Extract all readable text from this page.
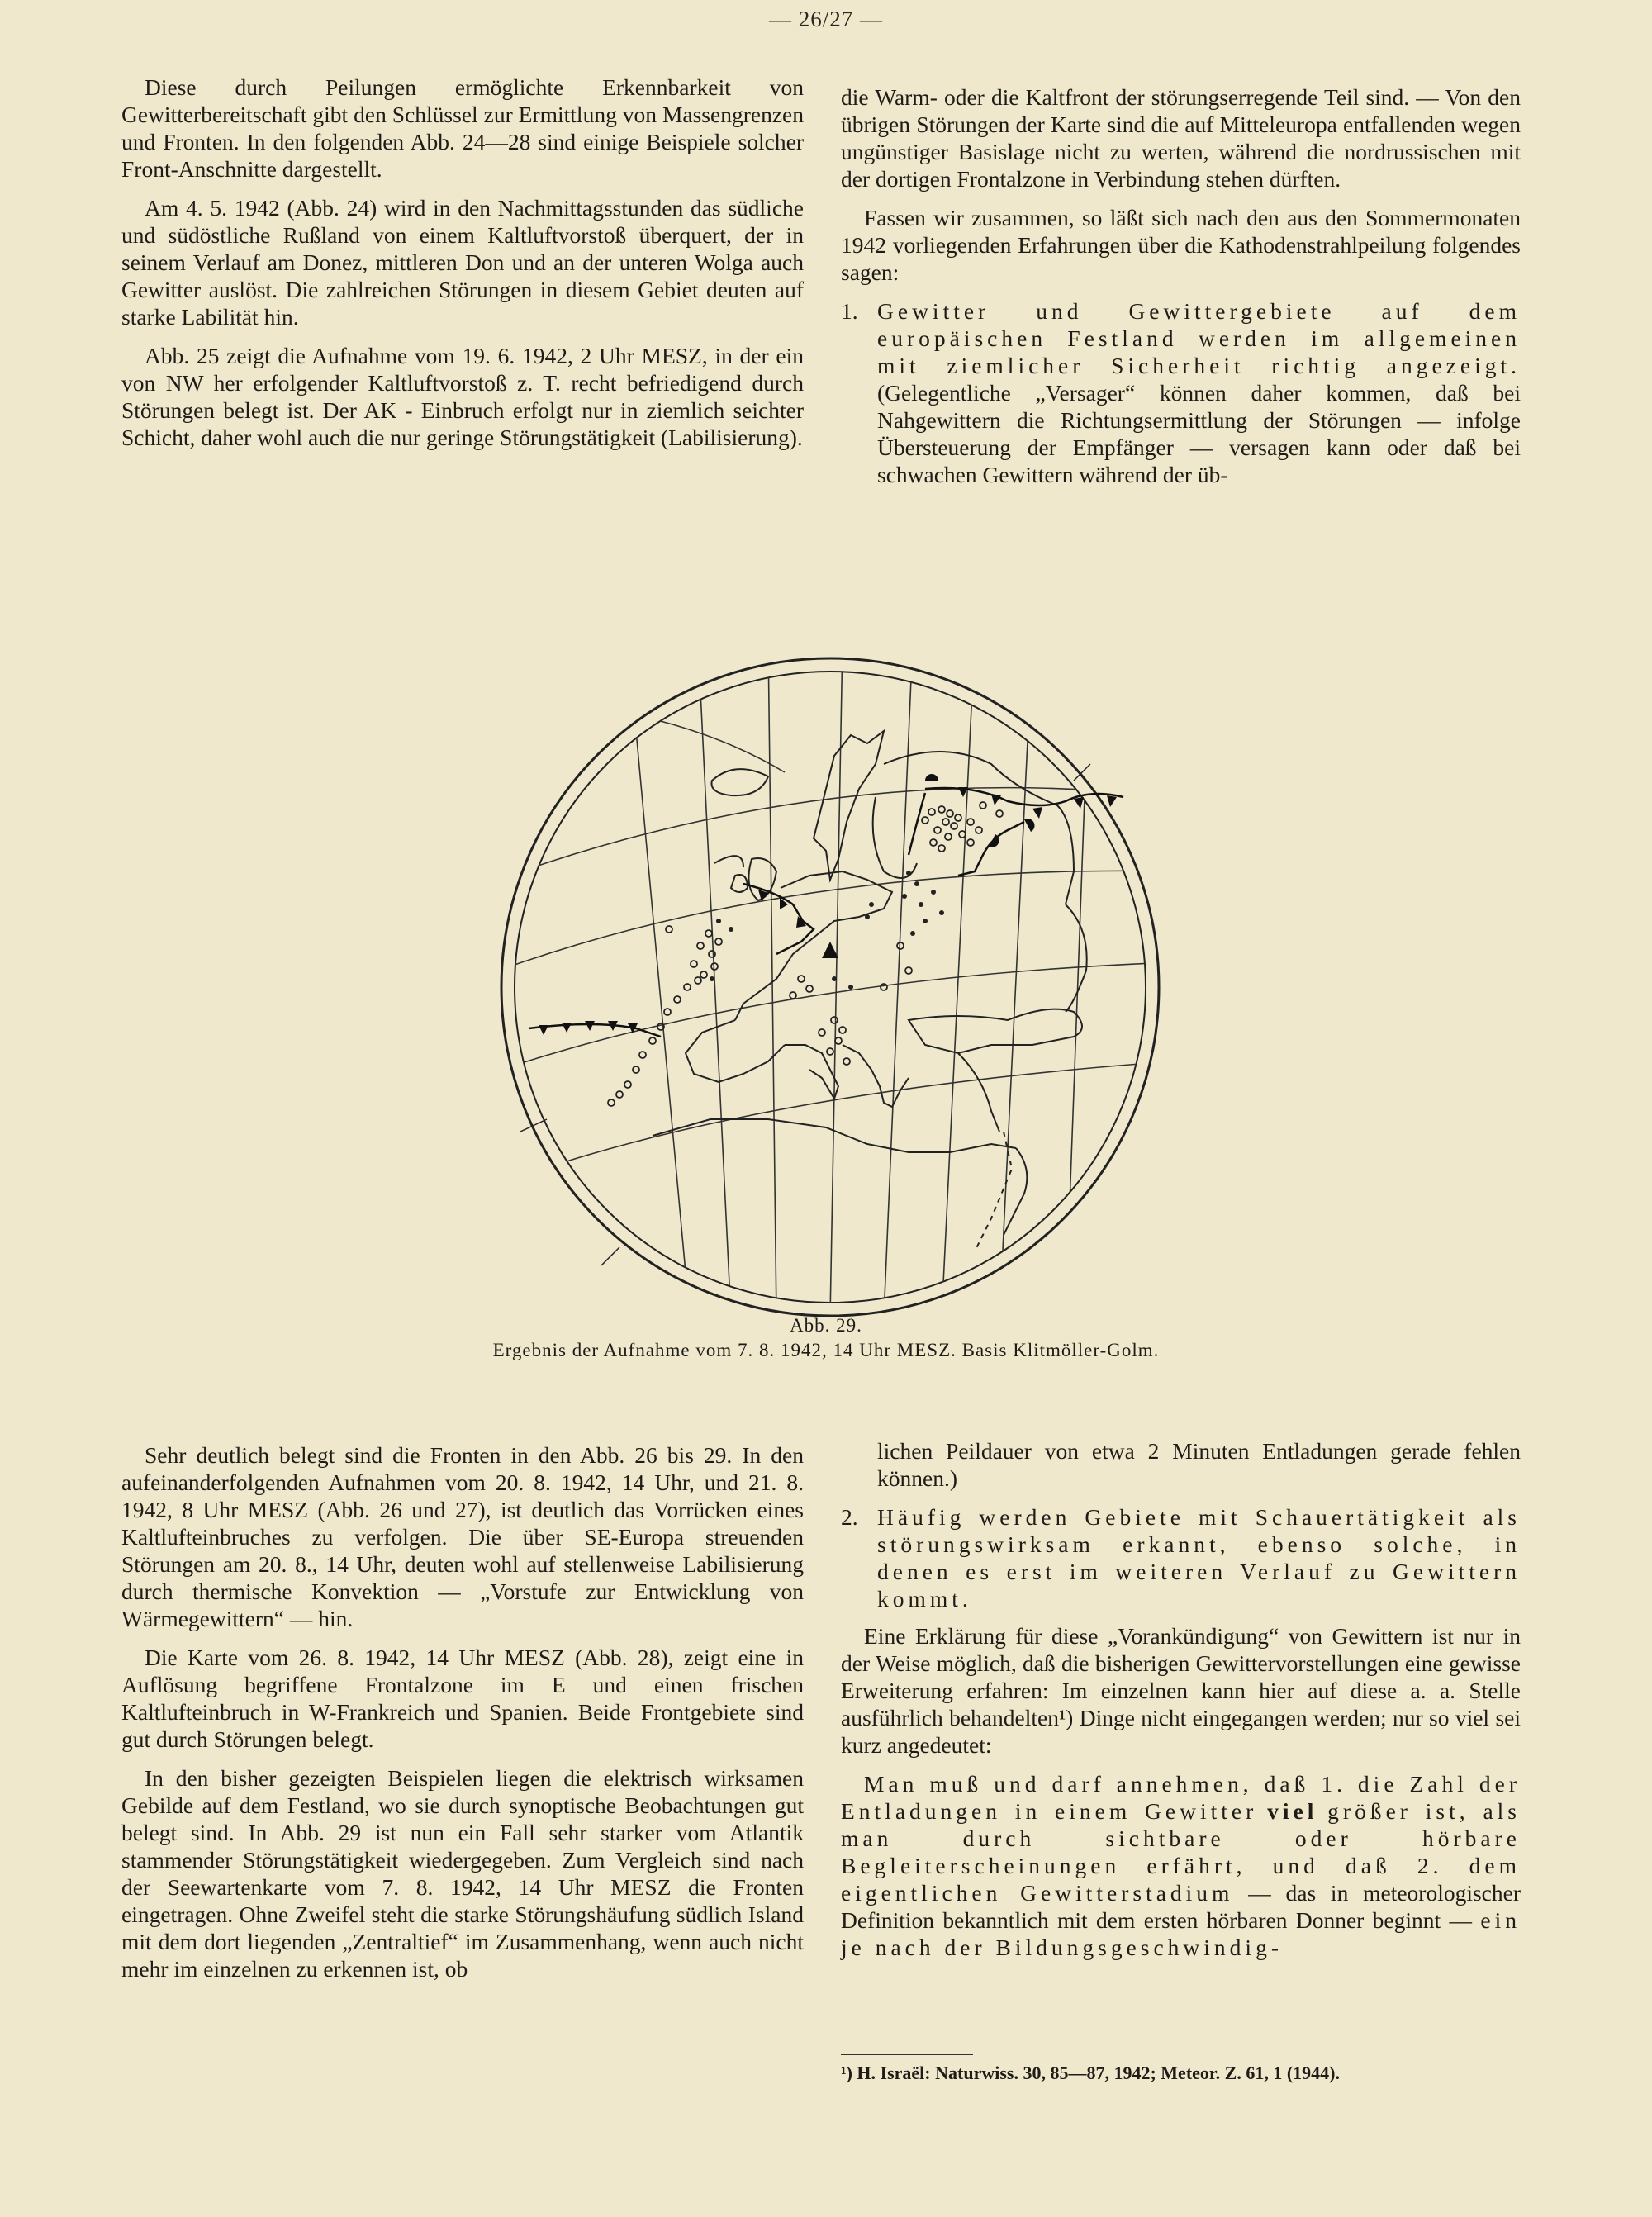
— 26/27 —

Diese durch Peilungen ermöglichte Erkennbarkeit von Gewitterbereitschaft gibt den Schlüssel zur Ermittlung von Massengrenzen und Fronten. In den folgenden Abb. 24—28 sind einige Beispiele solcher Front-Anschnitte dargestellt.

Am 4. 5. 1942 (Abb. 24) wird in den Nachmittagsstunden das südliche und südöstliche Rußland von einem Kaltluftvorstoß überquert, der in seinem Verlauf am Donez, mittleren Don und an der unteren Wolga auch Gewitter auslöst. Die zahlreichen Störungen in diesem Gebiet deuten auf starke Labilität hin.

Abb. 25 zeigt die Aufnahme vom 19. 6. 1942, 2 Uhr MESZ, in der ein von NW her erfolgender Kaltluftvorstoß z. T. recht befriedigend durch Störungen belegt ist. Der AK - Einbruch erfolgt nur in ziemlich seichter Schicht, daher wohl auch die nur geringe Störungstätigkeit (Labilisierung).

die Warm- oder die Kaltfront der störungserregende Teil sind. — Von den übrigen Störungen der Karte sind die auf Mitteleuropa entfallenden wegen ungünstiger Basislage nicht zu werten, während die nordrussischen mit der dortigen Frontalzone in Verbindung stehen dürften.

Fassen wir zusammen, so läßt sich nach den aus den Sommermonaten 1942 vorliegenden Erfahrungen über die Kathodenstrahlpeilung folgendes sagen:

1. Gewitter und Gewittergebiete auf dem europäischen Festland werden im allgemeinen mit ziemlicher Sicherheit richtig angezeigt. (Gelegentliche „Versager“ können daher kommen, daß bei Nahgewittern die Richtungsermittlung der Störungen — infolge Übersteuerung der Empfänger — versagen kann oder daß bei schwachen Gewittern während der üb-
Abb. 29.
Ergebnis der Aufnahme vom 7. 8. 1942, 14 Uhr MESZ. Basis Klitmöller-Golm.

Sehr deutlich belegt sind die Fronten in den Abb. 26 bis 29. In den aufeinanderfolgenden Aufnahmen vom 20. 8. 1942, 14 Uhr, und 21. 8. 1942, 8 Uhr MESZ (Abb. 26 und 27), ist deutlich das Vorrücken eines Kaltlufteinbruches zu verfolgen. Die über SE-Europa streuenden Störungen am 20. 8., 14 Uhr, deuten wohl auf stellenweise Labilisierung durch thermische Konvektion — „Vorstufe zur Entwicklung von Wärmegewittern“ — hin.

Die Karte vom 26. 8. 1942, 14 Uhr MESZ (Abb. 28), zeigt eine in Auflösung begriffene Frontalzone im E und einen frischen Kaltlufteinbruch in W-Frankreich und Spanien. Beide Frontgebiete sind gut durch Störungen belegt.

In den bisher gezeigten Beispielen liegen die elektrisch wirksamen Gebilde auf dem Festland, wo sie durch synoptische Beobachtungen gut belegt sind. In Abb. 29 ist nun ein Fall sehr starker vom Atlantik stammender Störungstätigkeit wiedergegeben. Zum Vergleich sind nach der Seewartenkarte vom 7. 8. 1942, 14 Uhr MESZ die Fronten eingetragen. Ohne Zweifel steht die starke Störungshäufung südlich Island mit dem dort liegenden „Zentraltief“ im Zusammenhang, wenn auch nicht mehr im einzelnen zu erkennen ist, ob

lichen Peildauer von etwa 2 Minuten Entladungen gerade fehlen können.)

2. Häufig werden Gebiete mit Schauertätigkeit als störungswirksam erkannt, ebenso solche, in denen es erst im weiteren Verlauf zu Gewittern kommt.

Eine Erklärung für diese „Vorankündigung“ von Gewittern ist nur in der Weise möglich, daß die bisherigen Gewittervorstellungen eine gewisse Erweiterung erfahren: Im einzelnen kann hier auf diese a. a. Stelle ausführlich behandelten¹) Dinge nicht eingegangen werden; nur so viel sei kurz angedeutet:

Man muß und darf annehmen, daß 1. die Zahl der Entladungen in einem Gewitter viel größer ist, als man durch sichtbare oder hörbare Begleiterscheinungen erfährt, und daß 2. dem eigentlichen Gewitterstadium — das in meteorologischer Definition bekanntlich mit dem ersten hörbaren Donner beginnt — ein je nach der Bildungsgeschwindig-

¹) H. Israël: Naturwiss. 30, 85—87, 1942; Meteor. Z. 61, 1 (1944).
